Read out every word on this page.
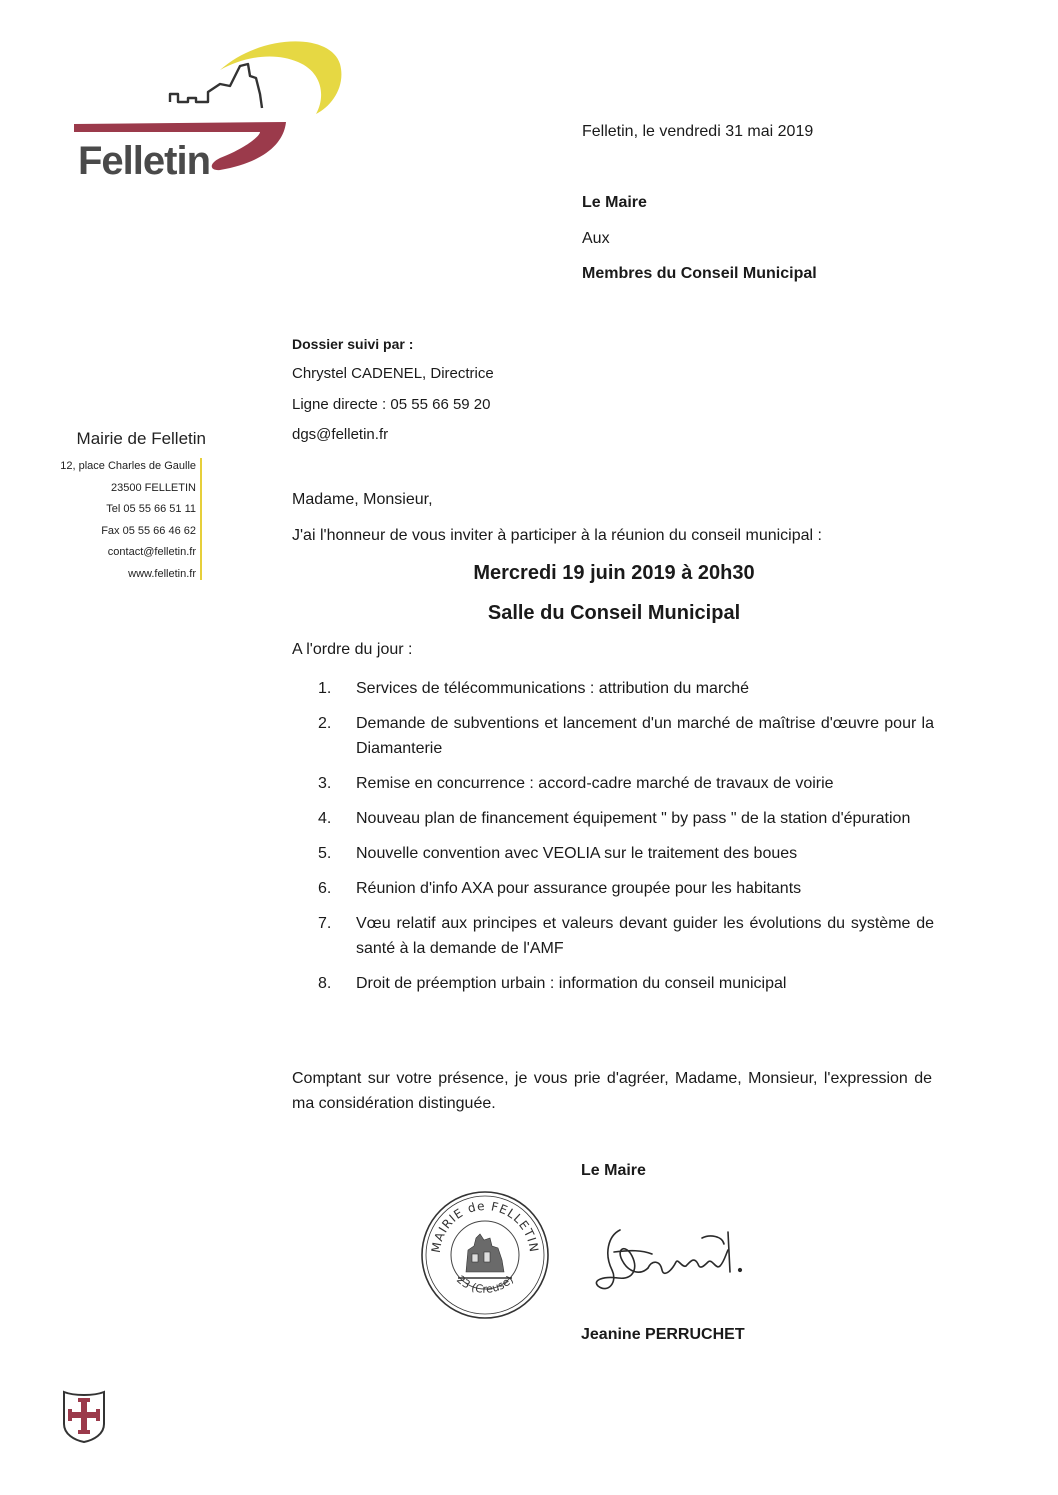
Felletin
Mairie de Felletin
12, place Charles de Gaulle
23500 FELLETIN
Tel 05 55 66 51 11
Fax 05 55 66 46 62
contact@felletin.fr
www.felletin.fr
Felletin, le vendredi 31 mai 2019
Le Maire
Aux
Membres du Conseil Municipal
Dossier suivi par :
Chrystel CADENEL, Directrice
Ligne directe : 05 55 66 59 20
dgs@felletin.fr
Madame, Monsieur,
J'ai l'honneur de vous inviter à participer à la réunion du conseil municipal :
Mercredi 19 juin 2019 à 20h30
Salle du Conseil Municipal
A l'ordre du jour :
1.	Services de télécommunications : attribution du marché
2.	Demande de subventions et lancement d'un marché de maîtrise d'œuvre pour la Diamanterie
3.	Remise en concurrence : accord-cadre marché de travaux de voirie
4.	Nouveau plan de financement équipement " by pass " de la station d'épuration
5.	Nouvelle convention avec VEOLIA sur le traitement des boues
6.	Réunion d'info AXA pour assurance groupée pour les habitants
7.	Vœu relatif aux principes et valeurs devant guider les évolutions du système de santé à la demande de l'AMF
8.	Droit de préemption urbain : information du conseil municipal
Comptant sur votre présence, je vous prie d'agréer, Madame, Monsieur, l'expression de ma considération distinguée.
Le Maire
MAIRIE de FELLETIN
23 (Creuse)
Jeanine PERRUCHET
